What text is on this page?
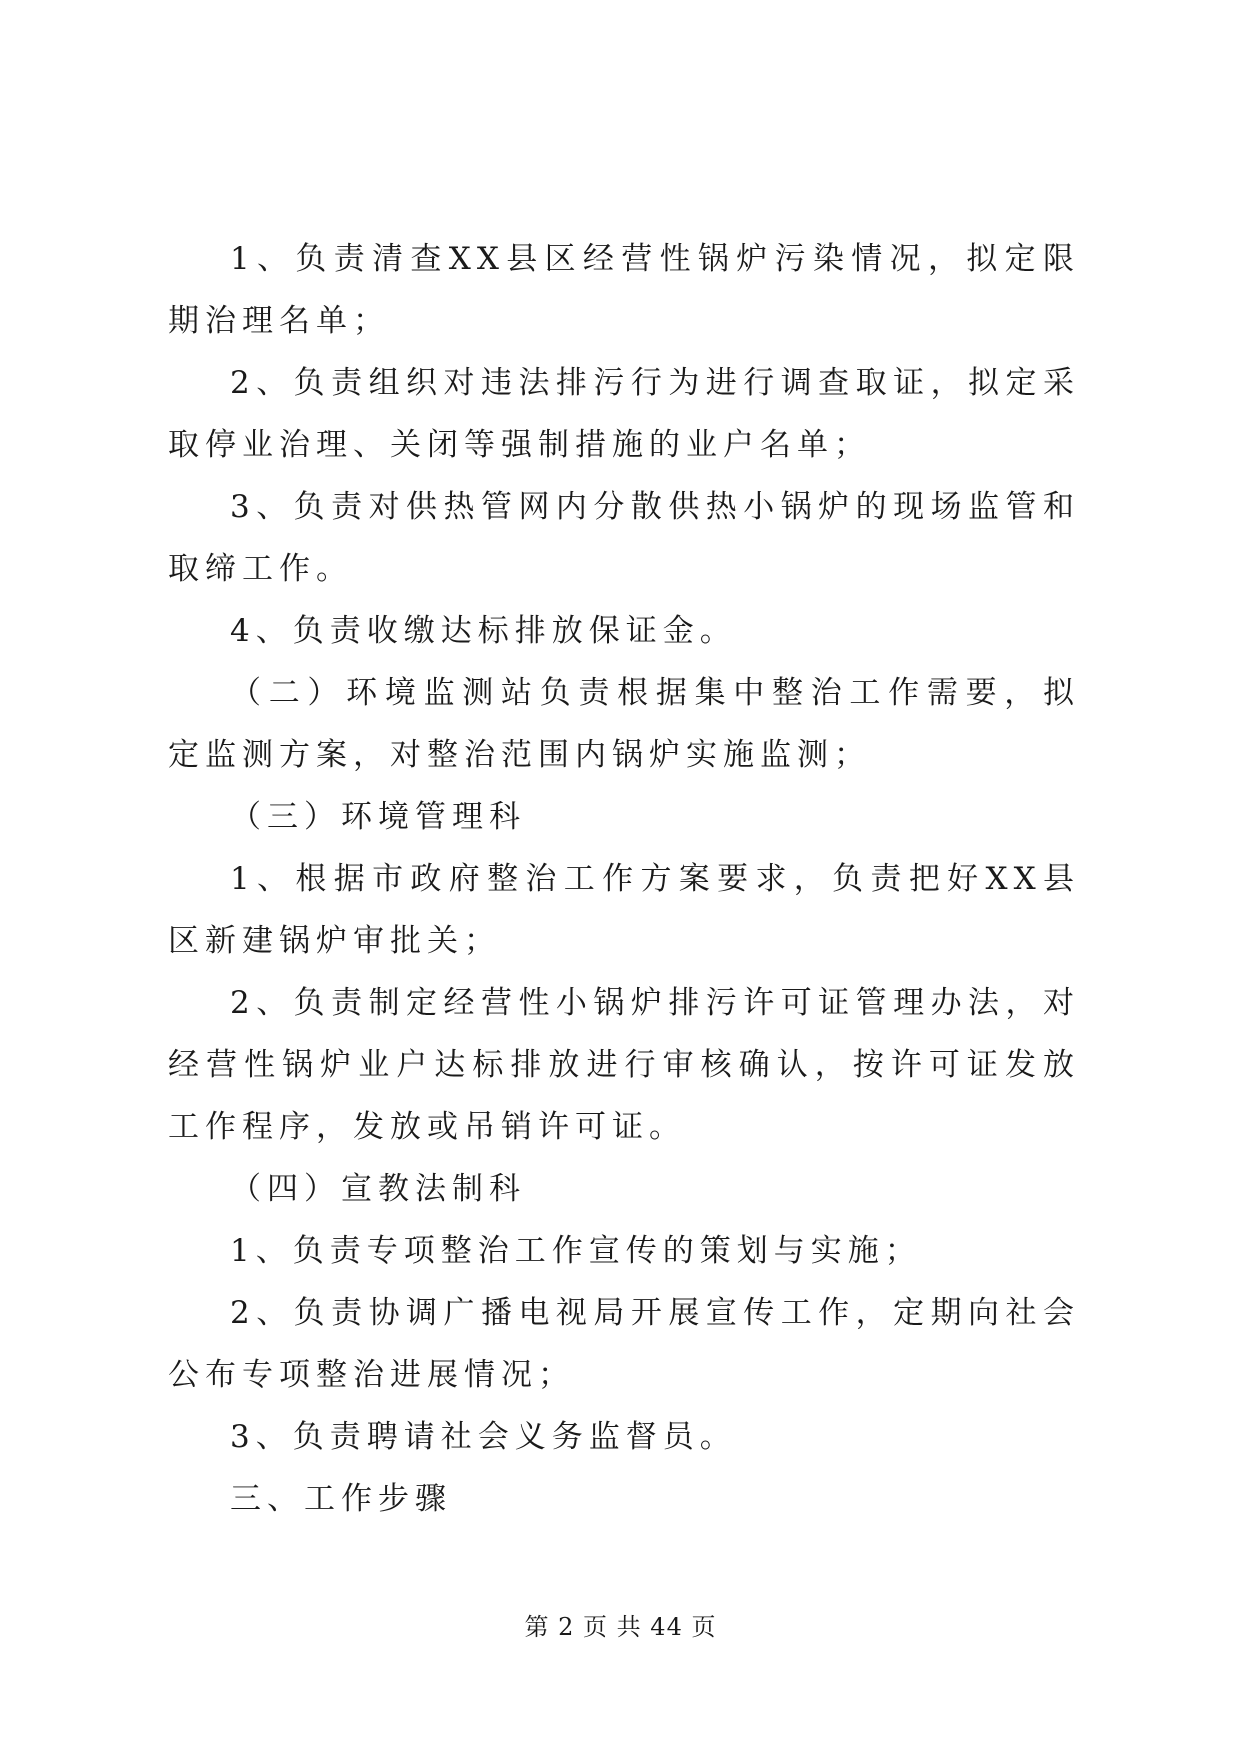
1、负责清查XX县区经营性锅炉污染情况，拟定限期治理名单；

2、负责组织对违法排污行为进行调查取证，拟定采取停业治理、关闭等强制措施的业户名单；

3、负责对供热管网内分散供热小锅炉的现场监管和取缔工作。

4、负责收缴达标排放保证金。

（二）环境监测站负责根据集中整治工作需要，拟定监测方案，对整治范围内锅炉实施监测；

（三）环境管理科

1、根据市政府整治工作方案要求，负责把好XX县区新建锅炉审批关；

2、负责制定经营性小锅炉排污许可证管理办法，对经营性锅炉业户达标排放进行审核确认，按许可证发放工作程序，发放或吊销许可证。

（四）宣教法制科

1、负责专项整治工作宣传的策划与实施；

2、负责协调广播电视局开展宣传工作，定期向社会公布专项整治进展情况；

3、负责聘请社会义务监督员。

三、工作步骤

第 2 页 共 44 页
